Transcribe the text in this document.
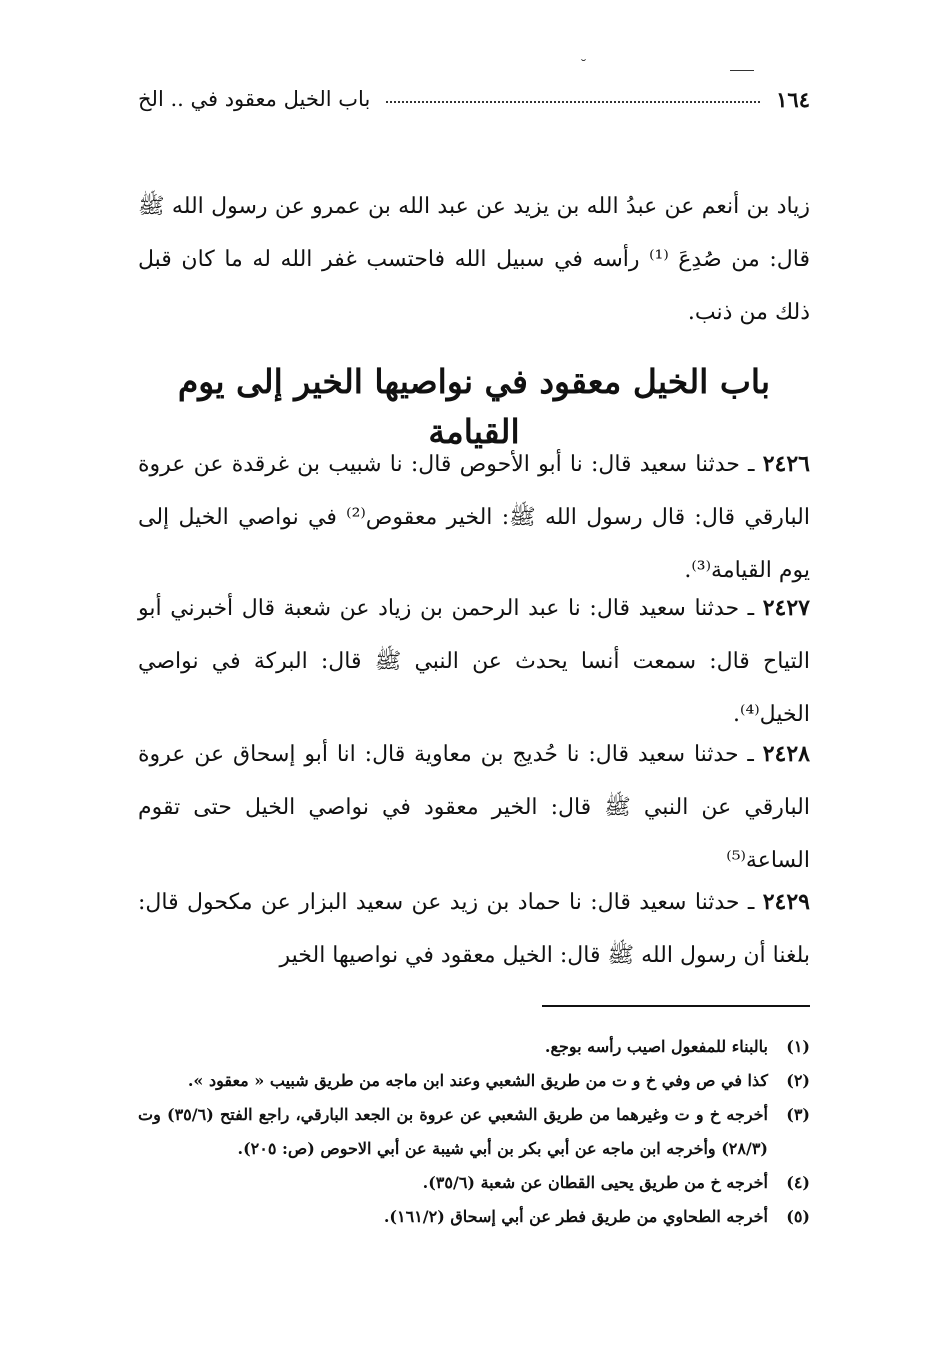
˘
١٦٤
باب الخيل معقود في .. الخ
زياد بن أنعم عن عبدُ الله بن يزيد عن عبد الله بن عمرو عن رسول الله ﷺ قال: من صُدِعَ ⁽¹⁾ رأسه في سبيل الله فاحتسب غفر الله له ما كان قبل ذلك من ذنب.
باب الخيل معقود في نواصيها الخير إلى يوم القيامة
٢٤٢٦ ـ حدثنا سعيد قال: نا أبو الأحوص قال: نا شبيب بن غرقدة عن عروة البارقي قال: قال رسول الله ﷺ: الخير معقوص⁽²⁾ في نواصي الخيل إلى يوم القيامة⁽³⁾.
٢٤٢٧ ـ حدثنا سعيد قال: نا عبد الرحمن بن زياد عن شعبة قال أخبرني أبو التياح قال: سمعت أنسا يحدث عن النبي ﷺ قال: البركة في نواصي الخيل⁽⁴⁾.
٢٤٢٨ ـ حدثنا سعيد قال: نا حُديج بن معاوية قال: انا أبو إسحاق عن عروة البارقي عن النبي ﷺ قال: الخير معقود في نواصي الخيل حتى تقوم الساعة⁽⁵⁾
٢٤٢٩ ـ حدثنا سعيد قال: نا حماد بن زيد عن سعيد البزار عن مكحول قال: بلغنا أن رسول الله ﷺ قال: الخيل معقود في نواصيها الخير
(١)
بالبناء للمفعول اصيب رأسه بوجع.
(٢)
كذا في ص وفي خ و ت من طريق الشعبي وعند ابن ماجه من طريق شبيب « معقود ».
(٣)
أخرجه خ و ت وغيرهما من طريق الشعبي عن عروة بن الجعد البارقي، راجع الفتح (٣٥/٦) وت (٢٨/٣) وأخرجه ابن ماجه عن أبي بكر بن أبي شيبة عن أبي الاحوص (ص: ٢٠٥).
(٤)
أخرجه خ من طريق يحيى القطان عن شعبة (٣٥/٦).
(٥)
أخرجه الطحاوي من طريق فطر عن أبي إسحاق (١٦١/٢).
